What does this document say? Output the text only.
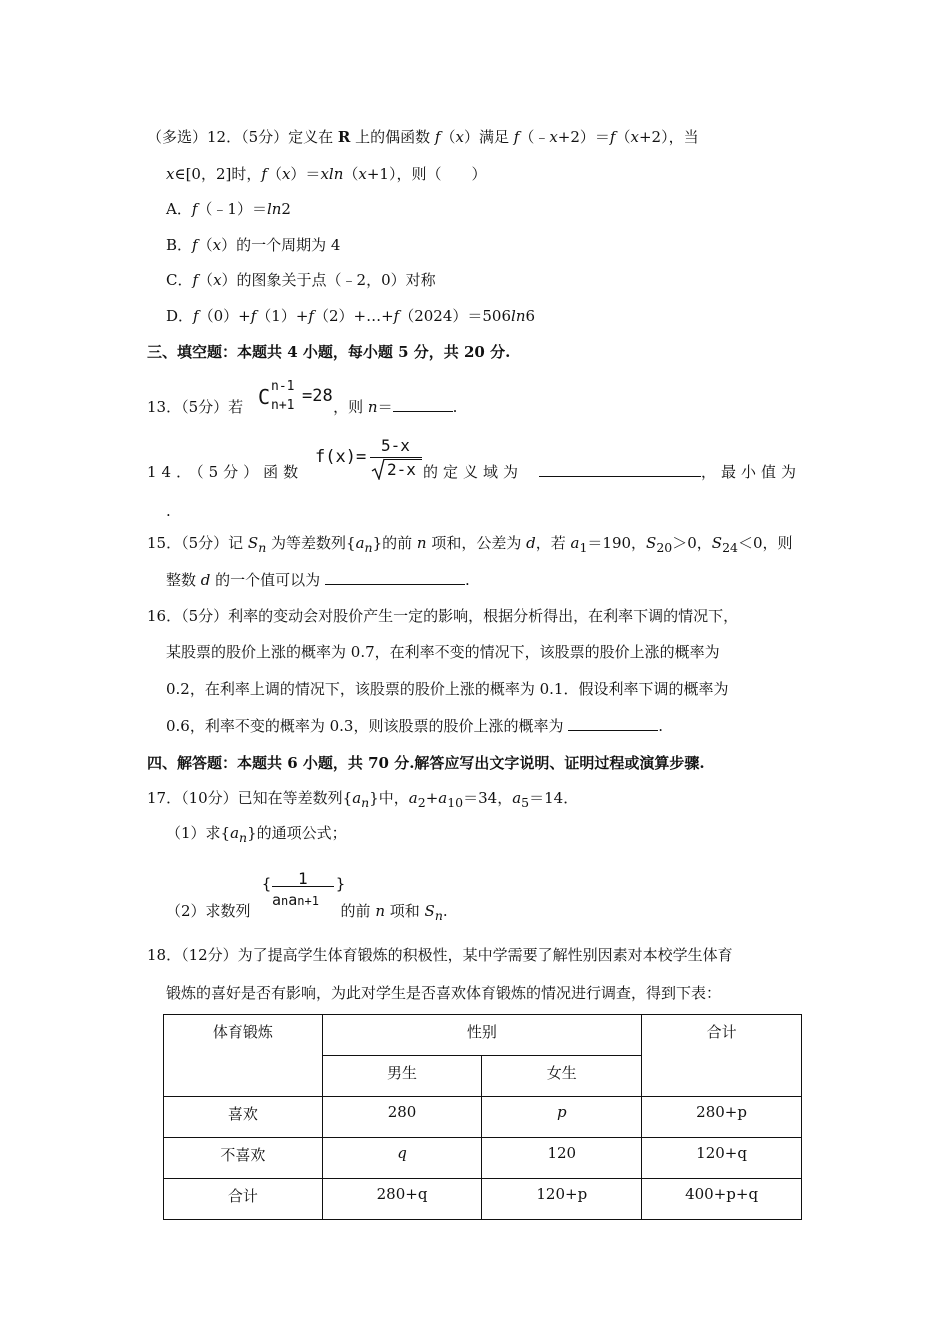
（多选）12．（5分）定义在 R 上的偶函数 f（x）满足 f（﹣x+2）＝f（x+2），当
x∈[0，2]时，f（x）＝xln（x+1），则（　　）
A．f（﹣1）＝ln2
B．f（x）的一个周期为 4
C．f（x）的图象关于点（﹣2，0）对称
D．f（0）+f（1）+f（2）+…+f（2024）＝506ln6
三、填空题：本题共 4 小题，每小题 5 分，共 20 分.
13．（5分）若	，则 n＝	.
C n-1
n+1 =28
14．（5分）函数
f(x)=
5-x
2-x 的定义域为	，最小值为
.
15．（5分）记 $S_n$ 为等差数列$\{a_n\}$的前 n 项和，公差为 d，若 $a_1=190$，$S_{20}>0$，$S_{24}<0$，则
整数 d 的一个值可以为	.
16．（5分）利率的变动会对股价产生一定的影响，根据分析得出，在利率下调的情况下，
某股票的股价上涨的概率为 0.7，在利率不变的情况下，该股票的股价上涨的概率为
0.2，在利率上调的情况下，该股票的股价上涨的概率为 0.1．假设利率下调的概率为
0.6，利率不变的概率为 0.3，则该股票的股价上涨的概率为	.
四、解答题：本题共 6 小题，共 70 分.解答应写出文字说明、证明过程或演算步骤.
17．（10分）已知在等差数列$\{a_n\}$中，$a_2+a_{10}=34$，$a_5=14$．
（1）求$\{a_n\}$的通项公式；
（2）求数列	的前 n 项和 $S_n$.
{ 1
anan+1
}
18．（12分）为了提高学生体育锻炼的积极性，某中学需要了解性别因素对本校学生体育
锻炼的喜好是否有影响，为此对学生是否喜欢体育锻炼的情况进行调查，得到下表：
体育锻炼	性别		合计
	男生	女生	
喜欢	280	p	280+p
不喜欢	q	120	120+q
合计	280+q	120+p	400+p+q
